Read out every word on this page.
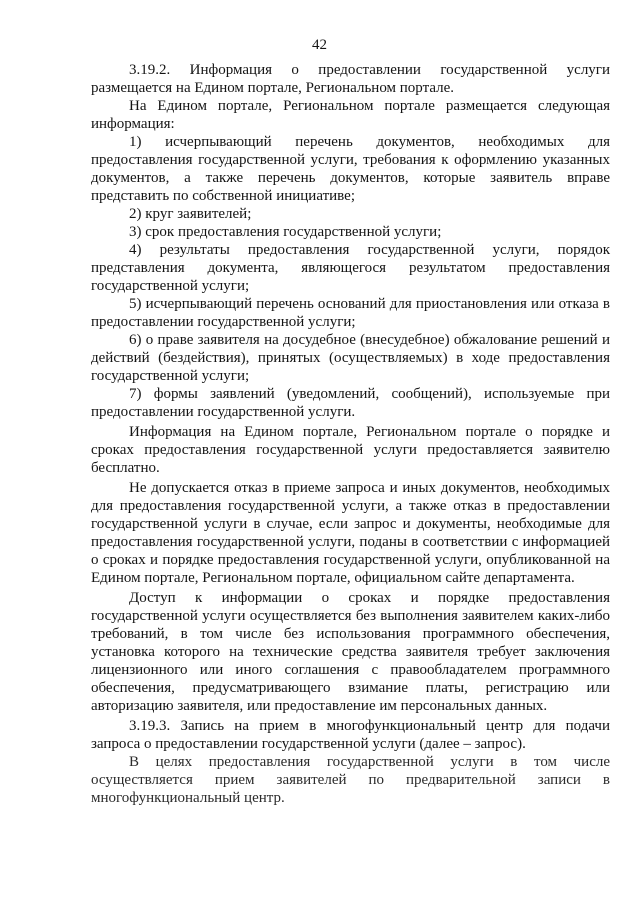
42

3.19.2. Информация о предоставлении государственной услуги размещается на Едином портале, Региональном портале.

На Едином портале, Региональном портале размещается следующая информация:

1) исчерпывающий перечень документов, необходимых для предоставления государственной услуги, требования к оформлению указанных документов, а также перечень документов, которые заявитель вправе представить по собственной инициативе;

2) круг заявителей;

3) срок предоставления государственной услуги;

4) результаты предоставления государственной услуги, порядок представления документа, являющегося результатом предоставления государственной услуги;

5) исчерпывающий перечень оснований для приостановления или отказа в предоставлении государственной услуги;

6) о праве заявителя на досудебное (внесудебное) обжалование решений и действий (бездействия), принятых (осуществляемых) в ходе предоставления государственной услуги;

7) формы заявлений (уведомлений, сообщений), используемые при предоставлении государственной услуги.

Информация на Едином портале, Региональном портале о порядке и сроках предоставления государственной услуги предоставляется заявителю бесплатно.

Не допускается отказ в приеме запроса и иных документов, необходимых для предоставления государственной услуги, а также отказ в предоставлении государственной услуги в случае, если запрос и документы, необходимые для предоставления государственной услуги, поданы в соответствии с информацией о сроках и порядке предоставления государственной услуги, опубликованной на Едином портале, Региональном портале, официальном сайте департамента.

Доступ к информации о сроках и порядке предоставления государственной услуги осуществляется без выполнения заявителем каких-либо требований, в том числе без использования программного обеспечения, установка которого на технические средства заявителя требует заключения лицензионного или иного соглашения с правообладателем программного обеспечения, предусматривающего взимание платы, регистрацию или авторизацию заявителя, или предоставление им персональных данных.

3.19.3. Запись на прием в многофункциональный центр для подачи запроса о предоставлении государственной услуги (далее – запрос).

В целях предоставления государственной услуги в том числе осуществляется прием заявителей по предварительной записи в многофункциональный центр.
